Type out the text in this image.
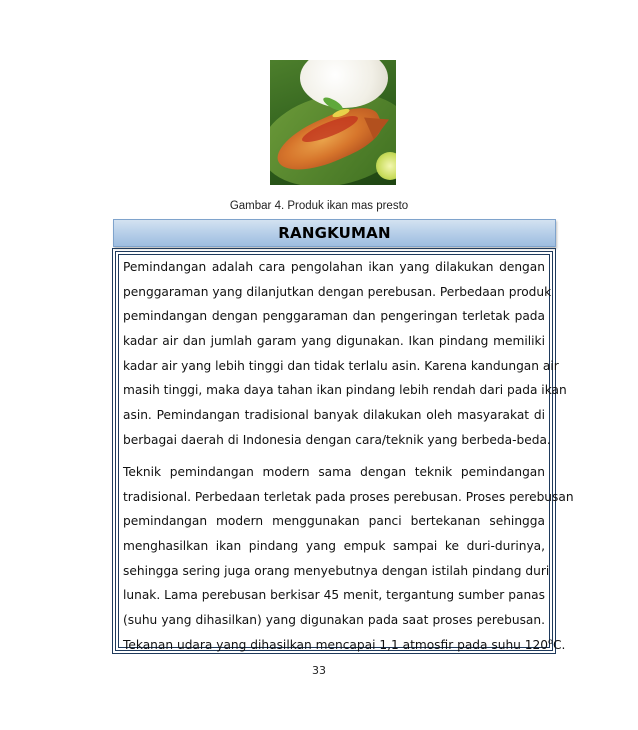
Gambar 4. Produk ikan mas presto
RANGKUMAN
Pemindangan adalah cara pengolahan ikan yang dilakukan dengan
penggaraman yang dilanjutkan dengan perebusan. Perbedaan produk
pemindangan dengan penggaraman dan pengeringan terletak pada
kadar air dan jumlah garam yang digunakan. Ikan pindang memiliki
kadar air yang lebih tinggi dan tidak terlalu asin. Karena kandungan air
masih tinggi, maka daya tahan ikan pindang lebih rendah dari pada ikan
asin. Pemindangan tradisional banyak dilakukan oleh masyarakat di
berbagai daerah di Indonesia dengan cara/teknik yang berbeda-beda.
Teknik pemindangan modern sama dengan teknik pemindangan
tradisional. Perbedaan terletak pada proses perebusan. Proses perebusan
pemindangan modern menggunakan panci bertekanan sehingga
menghasilkan ikan pindang yang empuk sampai ke duri-durinya,
sehingga sering juga orang menyebutnya dengan istilah pindang duri
lunak. Lama perebusan berkisar 45 menit, tergantung sumber panas
(suhu yang dihasilkan) yang digunakan pada saat proses perebusan.
Tekanan udara yang dihasilkan mencapai 1,1 atmosfir pada suhu 120$^o$C.
33
